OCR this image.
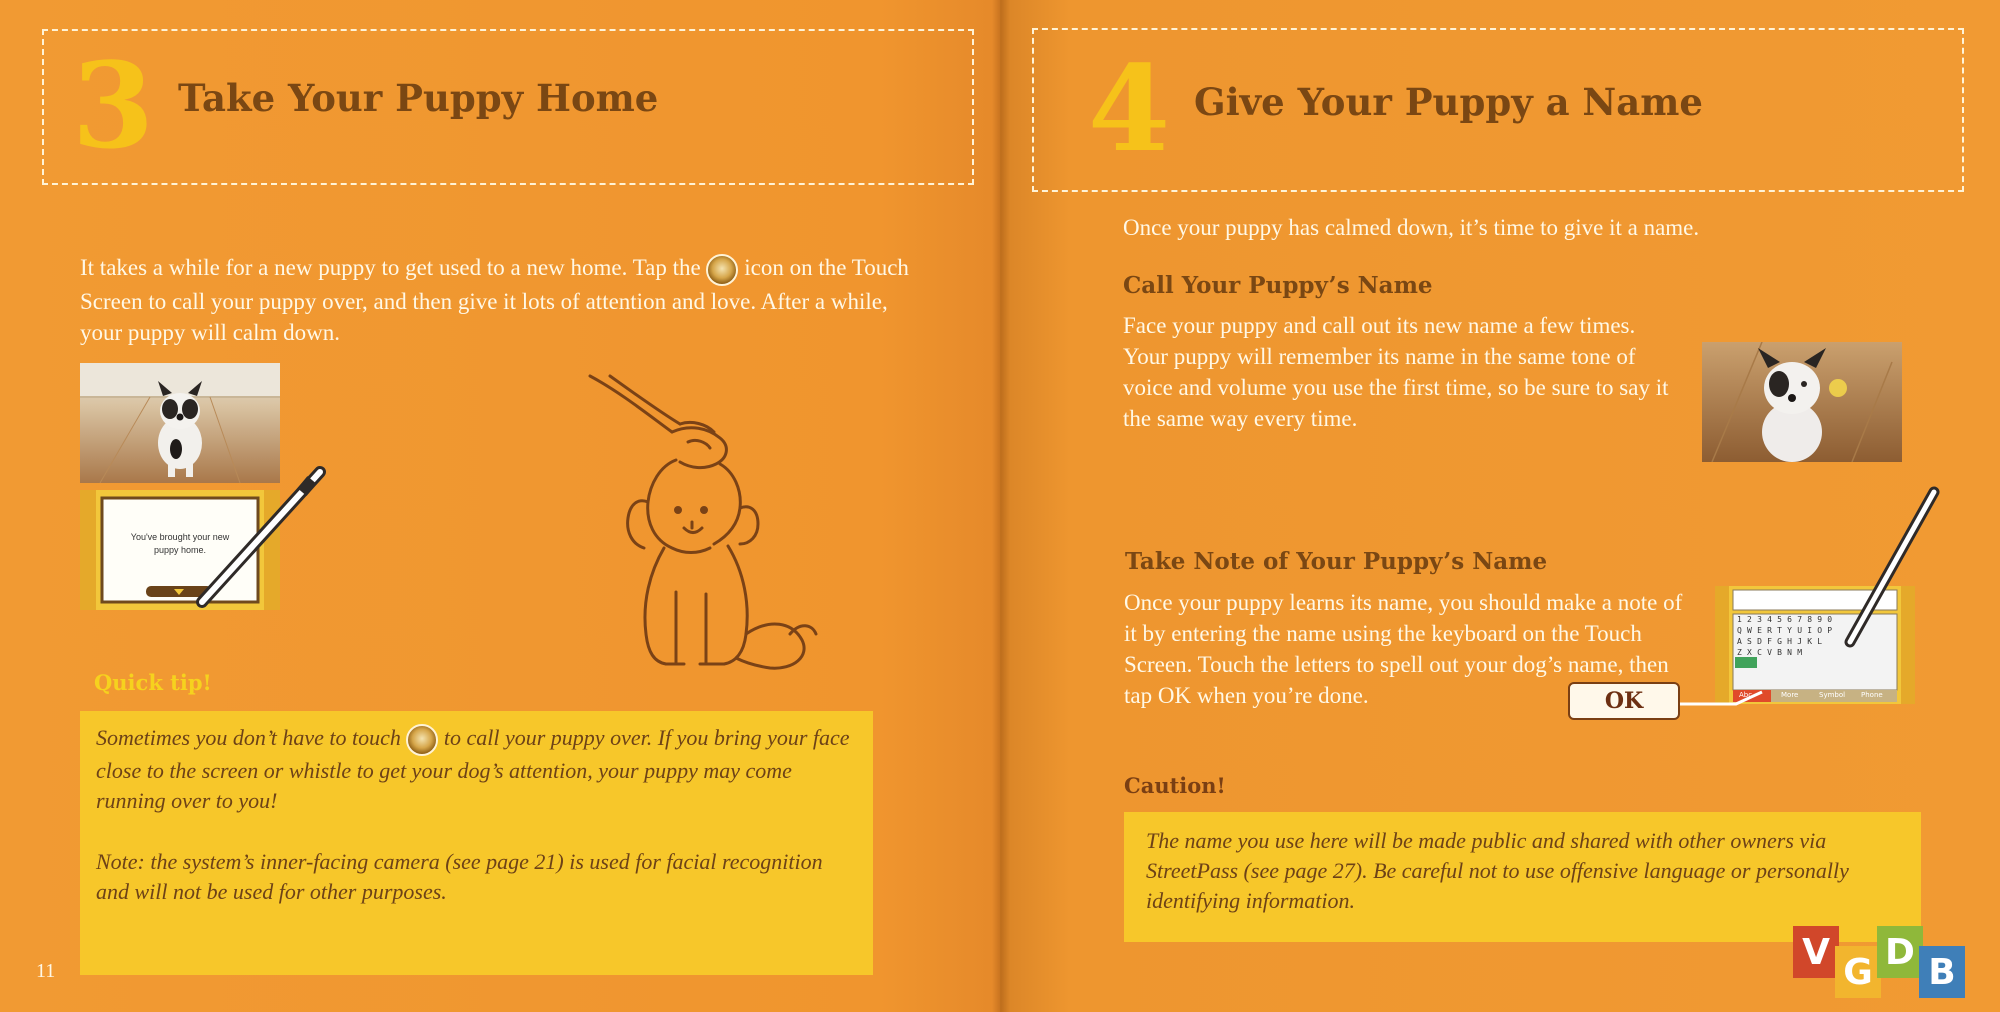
3 Take Your Puppy Home

It takes a while for a new puppy to get used to a new home. Tap the icon on the Touch Screen to call your puppy over, and then give it lots of attention and love. After a while, your puppy will calm down.

You've brought your new puppy home.
Quick tip!

Sometimes you don’t have to touch to call your puppy over. If you bring your face close to the screen or whistle to get your dog’s attention, your puppy may come running over to you!

Note: the system’s inner-facing camera (see page 21) is used for facial recognition and will not be used for other purposes.

11
4 Give Your Puppy a Name

Once your puppy has calmed down, it’s time to give it a name.

Call Your Puppy’s Name

Face your puppy and call out its new name a few times. Your puppy will remember its name in the same tone of voice and volume you use the first time, so be sure to say it the same way every time.

Take Note of Your Puppy’s Name

Once your puppy learns its name, you should make a note of it by entering the name using the keyboard on the Touch Screen. Touch the letters to spell out your dog’s name, then tap OK when you’re done.

1 2 3 4 5 6 7 8 9 0
Q W E R T Y U I O P
A S D F G H J K L
Z X C V B N M
Abc	More	Symbol Phone
OK
Caution!

The name you use here will be made public and shared with other owners via StreetPass (see page 27). Be careful not to use offensive language or personally identifying information.

V G D B
